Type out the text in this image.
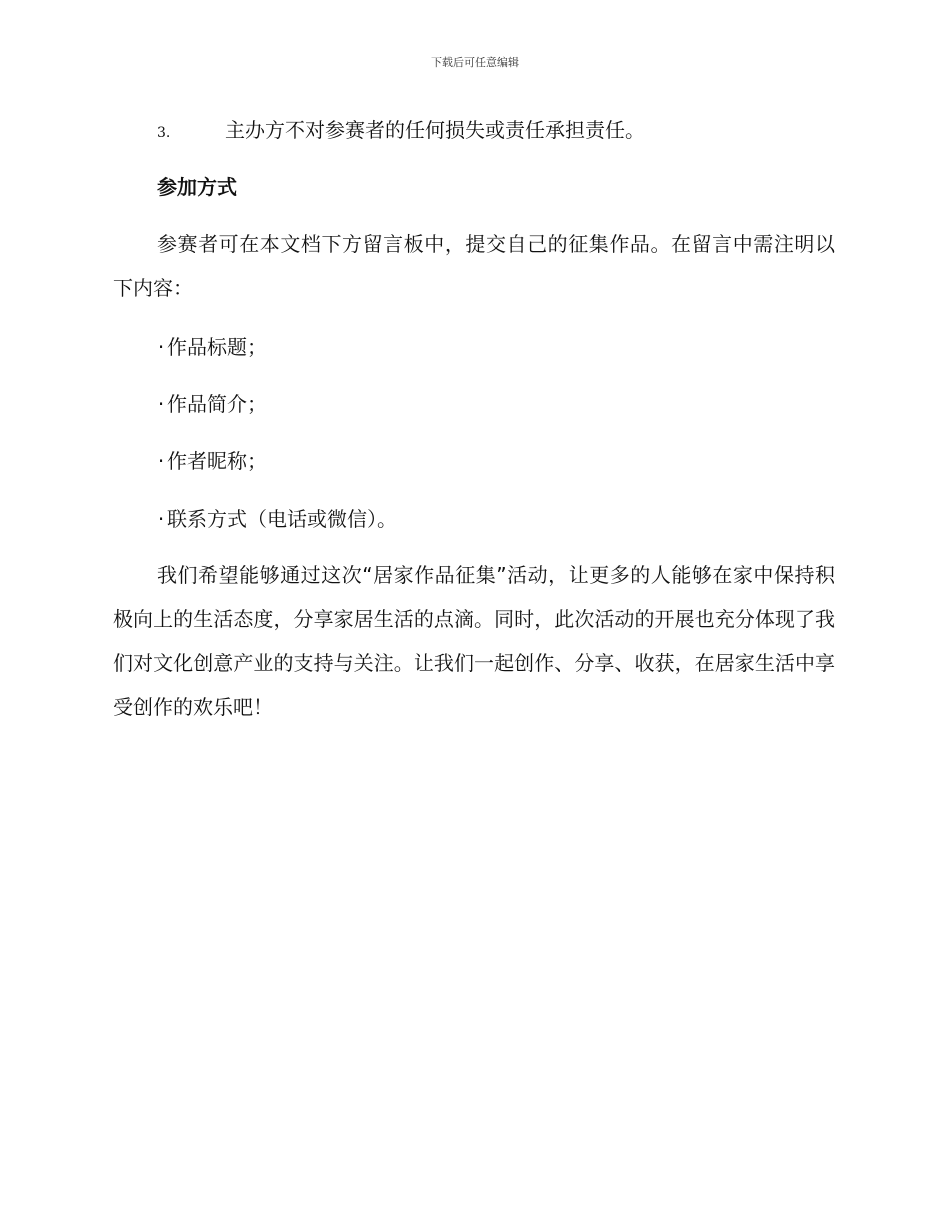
下载后可任意编辑
3.	主办方不对参赛者的任何损失或责任承担责任。
参加方式

参赛者可在本文档下方留言板中，提交自己的征集作品。在留言中需注明以下内容：

· 作品标题；
· 作品简介；
· 作者昵称；
· 联系方式（电话或微信）。

我们希望能够通过这次“居家作品征集”活动，让更多的人能够在家中保持积极向上的生活态度，分享家居生活的点滴。同时，此次活动的开展也充分体现了我们对文化创意产业的支持与关注。让我们一起创作、分享、收获，在居家生活中享受创作的欢乐吧！
